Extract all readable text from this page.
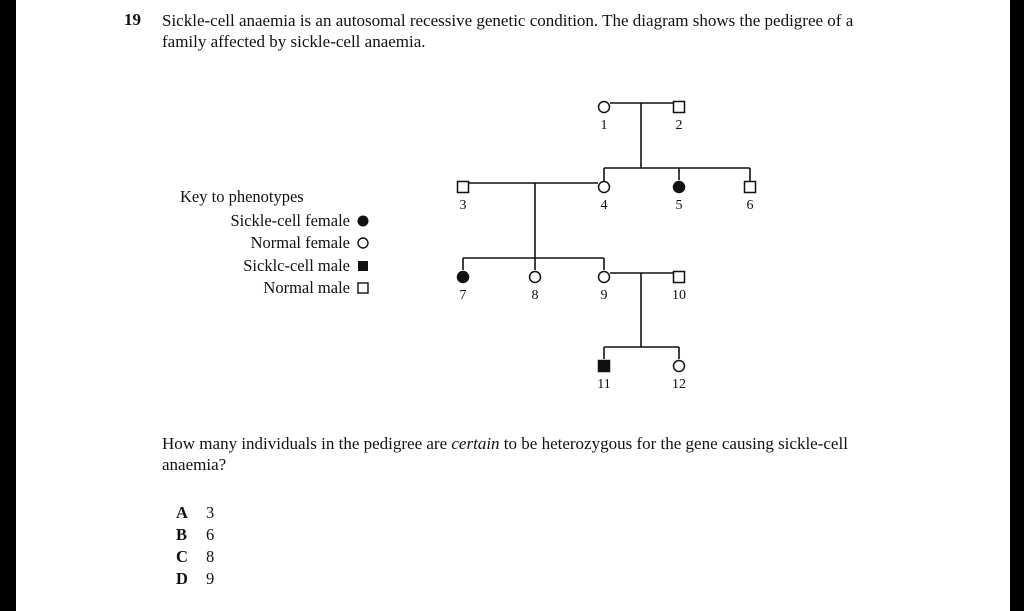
19 Sickle-cell anaemia is an autosomal recessive genetic condition. The diagram shows the pedigree of a family affected by sickle-cell anaemia.
Key to phenotypes
Sickle-cell female
Normal female
Sicklc-cell male
Normal male
How many individuals in the pedigree are certain to be heterozygous for the gene causing sickle-cell anaemia?
A	3
B	6
C	8
D	9
1	2
3	4	5	6
7	8	9	10
11	12
